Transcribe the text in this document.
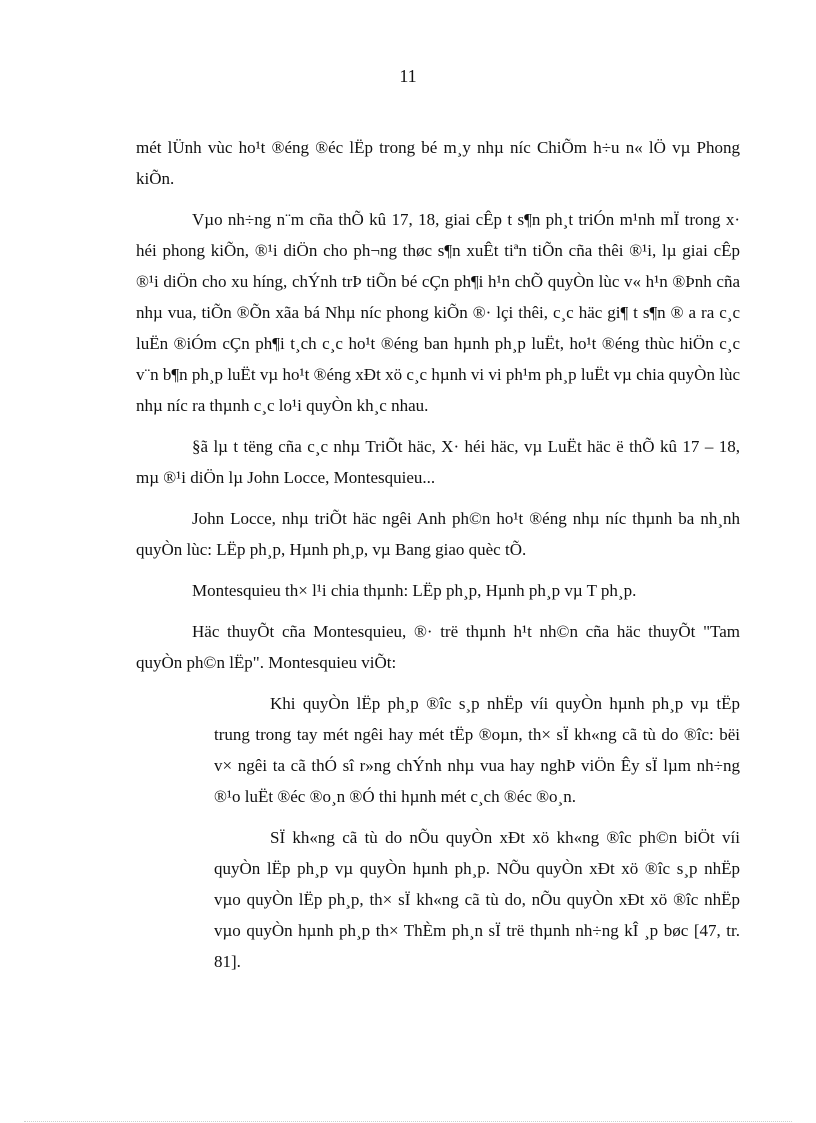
11

mét lÜnh vùc ho¹t ®éng ®éc lËp trong bé m¸y nhµ níc ChiÕm h÷u n« lÖ vµ Phong kiÕn.

Vµo nh÷ng n¨m cña thÕ kû 17, 18, giai cÊp t s¶n ph¸t triÓn m¹nh mÏ trong x· héi phong kiÕn, ®¹i diÖn cho ph¬ng thøc s¶n xuÊt tiªn tiÕn cña thêi ®¹i, lµ giai cÊp ®¹i diÖn cho xu híng, chÝnh trÞ tiÕn bé cÇn ph¶i h¹n chÕ quyÒn lùc v« h¹n ®Þnh cña nhµ vua, tiÕn ®Õn xãa bá Nhµ níc phong kiÕn ®· lçi thêi, c¸c häc gi¶ t s¶n ® a ra c¸c luËn ®iÓm cÇn ph¶i t¸ch c¸c ho¹t ®éng ban hµnh ph¸p luËt, ho¹t ®éng thùc hiÖn c¸c v¨n b¶n ph¸p luËt vµ ho¹t ®éng xÐt xö c¸c hµnh vi vi ph¹m ph¸p luËt vµ chia quyÒn lùc nhµ níc ra thµnh c¸c lo¹i quyÒn kh¸c nhau.

§ã lµ t tëng cña c¸c nhµ TriÕt häc, X· héi häc, vµ LuËt häc ë thÕ kû 17 – 18, mµ ®¹i diÖn lµ John Locce, Montesquieu...

John Locce, nhµ triÕt häc ngêi Anh ph©n ho¹t ®éng nhµ níc thµnh ba nh¸nh quyÒn lùc: LËp ph¸p, Hµnh ph¸p, vµ Bang giao quèc tÕ.

Montesquieu th× l¹i chia thµnh: LËp ph¸p, Hµnh ph¸p vµ T ph¸p.

Häc thuyÕt cña Montesquieu, ®· trë thµnh h¹t nh©n cña häc thuyÕt "Tam quyÒn ph©n lËp". Montesquieu viÕt:

Khi quyÒn lËp ph¸p ®îc s¸p nhËp víi quyÒn hµnh ph¸p vµ tËp trung trong tay mét ngêi hay mét tËp ®oµn, th× sÏ kh«ng cã tù do ®îc: bëi v× ngêi ta cã thÓ sî r»ng chÝnh nhµ vua hay nghÞ viÖn Êy sÏ lµm nh÷ng ®¹o luËt ®éc ®o¸n ®Ó thi hµnh mét c¸ch ®éc ®o¸n.

SÏ kh«ng cã tù do nÕu quyÒn xÐt xö kh«ng ®îc ph©n biÖt víi quyÒn lËp ph¸p vµ quyÒn hµnh ph¸p. NÕu quyÒn xÐt xö ®îc s¸p nhËp vµo quyÒn lËp ph¸p, th× sÏ kh«ng cã tù do, nÕu quyÒn xÐt xö ®îc nhËp vµo quyÒn hµnh ph¸p th× ThÈm ph¸n sÏ trë thµnh nh÷ng kÎ ¸p bøc [47, tr. 81].
